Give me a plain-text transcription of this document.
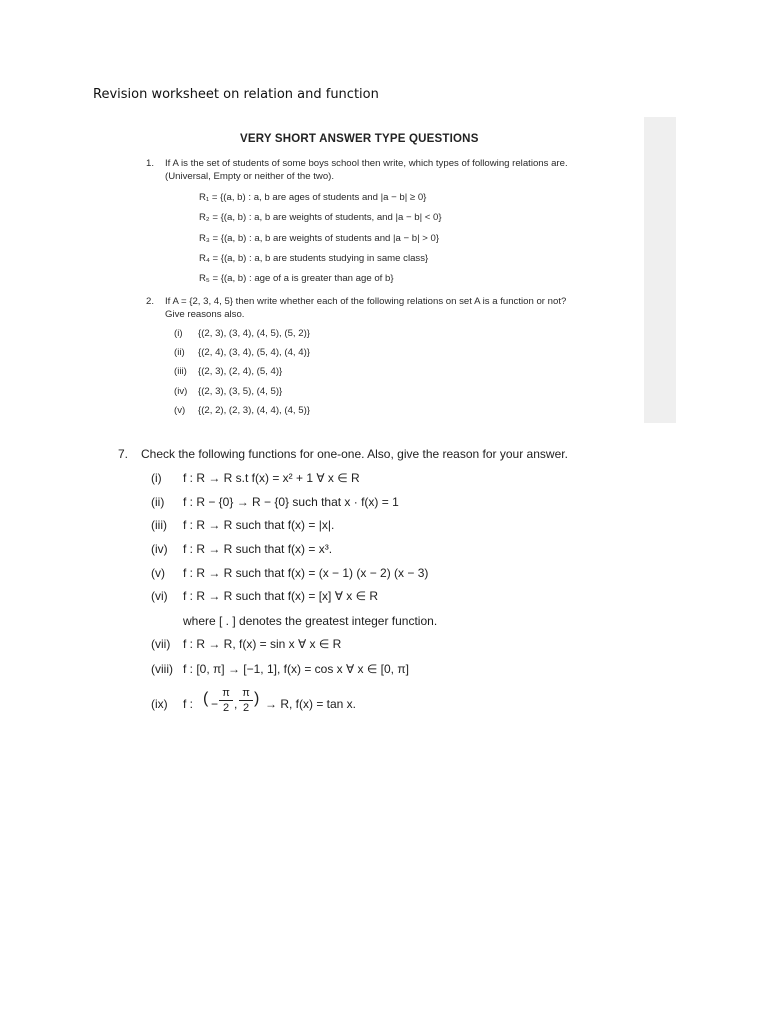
Revision worksheet on relation and function
VERY SHORT ANSWER TYPE QUESTIONS
1. If A is the set of students of some boys school then write, which types of following relations are.
(Universal, Empty or neither of the two).
R₁ = {(a, b) : a, b are ages of students and |a − b| ≥ 0}
R₂ = {(a, b) : a, b are weights of students, and |a − b| < 0}
R₃ = {(a, b) : a, b are weights of students and |a − b| > 0}
R₄ = {(a, b) : a, b are students studying in same class}
R₅ = {(a, b) : age of a is greater than age of b}
2. If A = {2, 3, 4, 5} then write whether each of the following relations on set A is a function or not?
Give reasons also.
(i)	{(2, 3), (3, 4), (4, 5), (5, 2)}
(ii)	{(2, 4), (3, 4), (5, 4), (4, 4)}
(iii)	{(2, 3), (2, 4), (5, 4)}
(iv)	{(2, 3), (3, 5), (4, 5)}
(v)	{(2, 2), (2, 3), (4, 4), (4, 5)}
7. Check the following functions for one-one. Also, give the reason for your answer.
(i)	f : R → R s.t f(x) = x² + 1 ∀ x ∈ R
(ii)	f : R − {0} → R − {0} such that x · f(x) = 1
(iii)	f : R → R such that f(x) = |x|.
(iv)	f : R → R such that f(x) = x³.
(v)	f : R → R such that f(x) = (x − 1) (x − 2) (x − 3)
(vi)	f : R → R such that f(x) = [x] ∀ x ∈ R
where [ . ] denotes the greatest integer function.
(vii)	f : R → R, f(x) = sin x ∀ x ∈ R
(viii) f : [0, π] → [−1, 1], f(x) = cos x ∀ x ∈ [0, π]
(ix) f : ( − $\frac{\pi}{2}$ , $\frac{\pi}{2}$ ) → R, f(x) = tan x.
